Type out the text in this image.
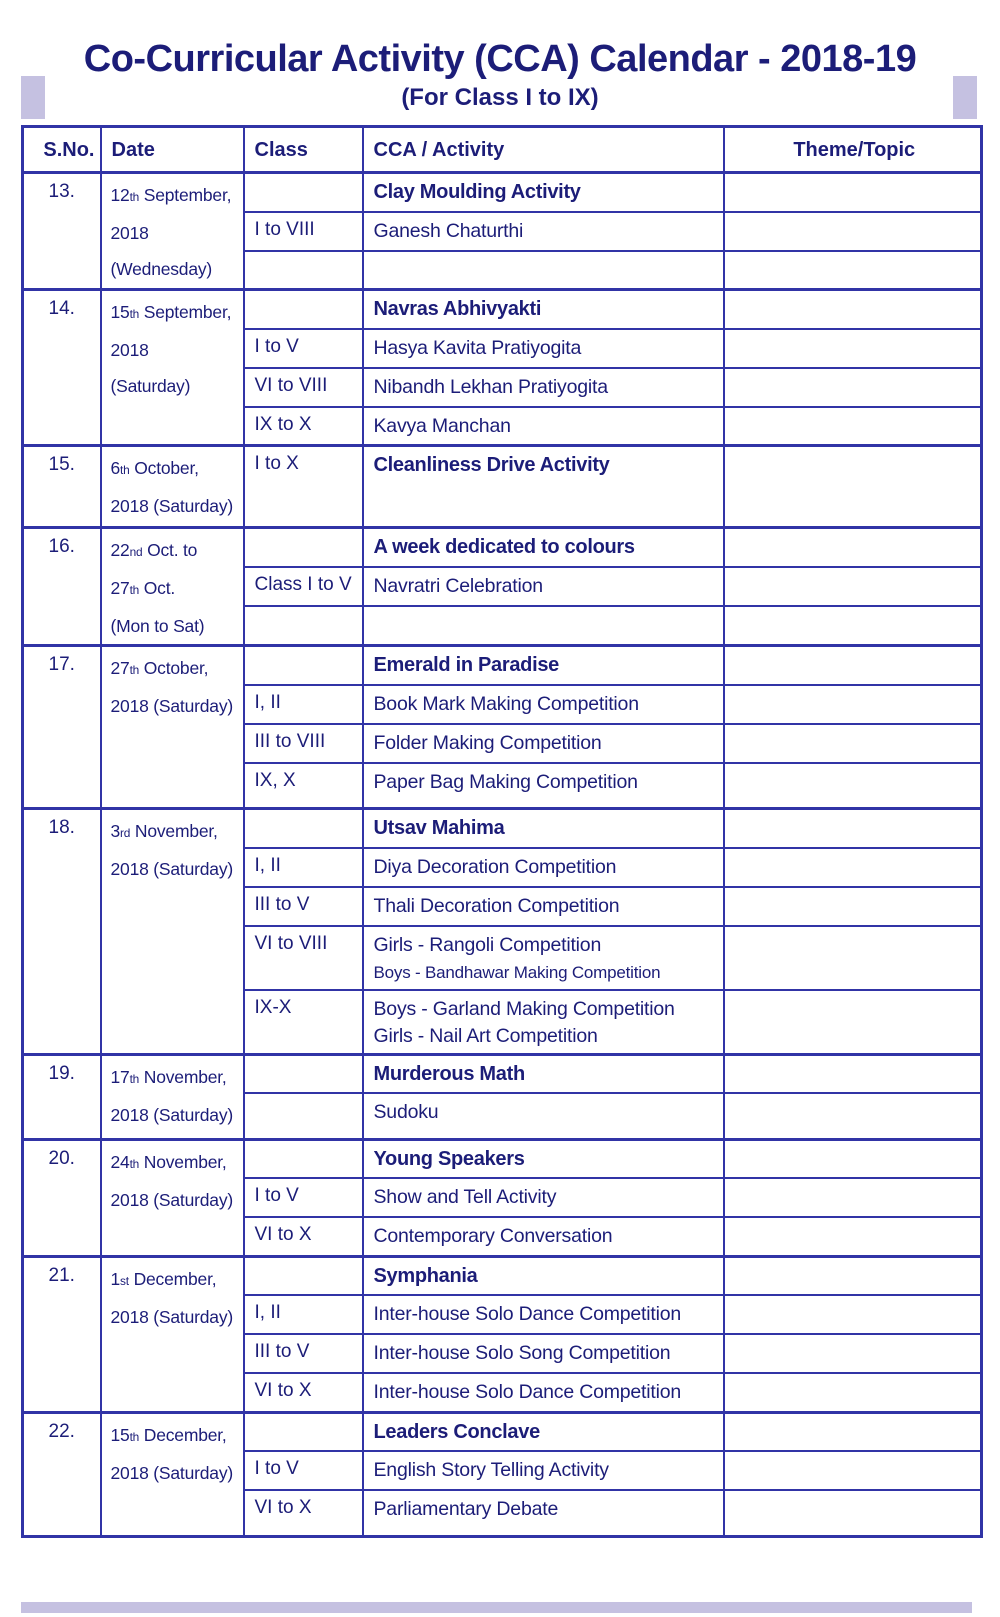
Co-Curricular Activity (CCA) Calendar - 2018-19
(For Class I to IX)
S.No.	Date	Class	CCA / Activity	Theme/Topic
13.	12th September,
2018
(Wednesday)		Clay Moulding Activity	
		I to VIII	Ganesh Chaturthi	

14.	15th September,
2018
(Saturday)		Navras Abhivyakti	
		I to V	Hasya Kavita Pratiyogita	
		VI to VIII	Nibandh Lekhan Pratiyogita	
		IX to X	Kavya Manchan	
15.	6th October,
2018 (Saturday)	I to X	Cleanliness Drive Activity	
16.	22nd Oct. to
27th Oct.
(Mon to Sat)		A week dedicated to colours	
		Class I to V	Navratri Celebration	

17.	27th October,
2018 (Saturday)		Emerald in Paradise	
		I, II	Book Mark Making Competition	
		III to VIII	Folder Making Competition	
		IX, X	Paper Bag Making Competition	
18.	3rd November,
2018 (Saturday)		Utsav Mahima	
		I, II	Diya Decoration Competition	
		III to V	Thali Decoration Competition	
		VI to VIII	Girls - Rangoli Competition
Boys - Bandhawar Making Competition	
		IX-X	Boys - Garland Making Competition
Girls - Nail Art Competition	
19.	17th November,
2018 (Saturday)		Murderous Math	
			Sudoku	
20.	24th November,
2018 (Saturday)		Young Speakers	
		I to V	Show and Tell Activity	
		VI to X	Contemporary Conversation	
21.	1st December,
2018 (Saturday)		Symphania	
		I, II	Inter-house Solo Dance Competition	
		III to V	Inter-house Solo Song Competition	
		VI to X	Inter-house Solo Dance Competition	
22.	15th December,
2018 (Saturday)		Leaders Conclave	
		I to V	English Story Telling Activity	
		VI to X	Parliamentary Debate	
